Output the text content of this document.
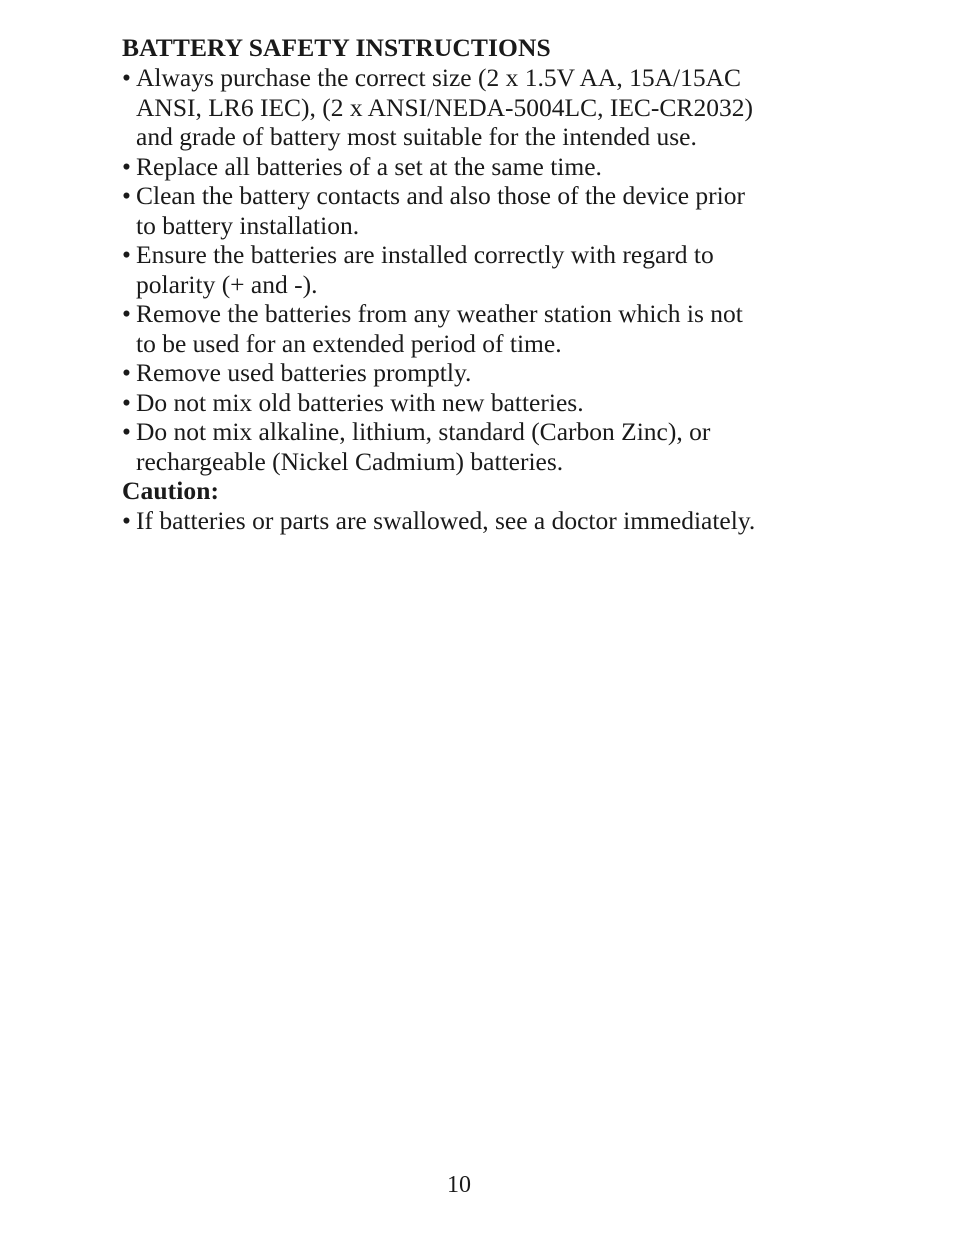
BATTERY SAFETY INSTRUCTIONS
• Always purchase the correct size (2 x 1.5V AA, 15A/15AC
ANSI, LR6 IEC), (2 x ANSI/NEDA-5004LC, IEC-CR2032)
and grade of battery most suitable for the intended use.
• Replace all batteries of a set at the same time.
• Clean the battery contacts and also those of the device prior
to battery installation.
• Ensure the batteries are installed correctly with regard to
polarity (+ and -).
• Remove the batteries from any weather station which is not
to be used for an extended period of time.
• Remove used batteries promptly.
• Do not mix old batteries with new batteries.
• Do not mix alkaline, lithium, standard (Carbon Zinc), or
rechargeable (Nickel Cadmium) batteries.
Caution:
• If batteries or parts are swallowed, see a doctor immediately.
10
